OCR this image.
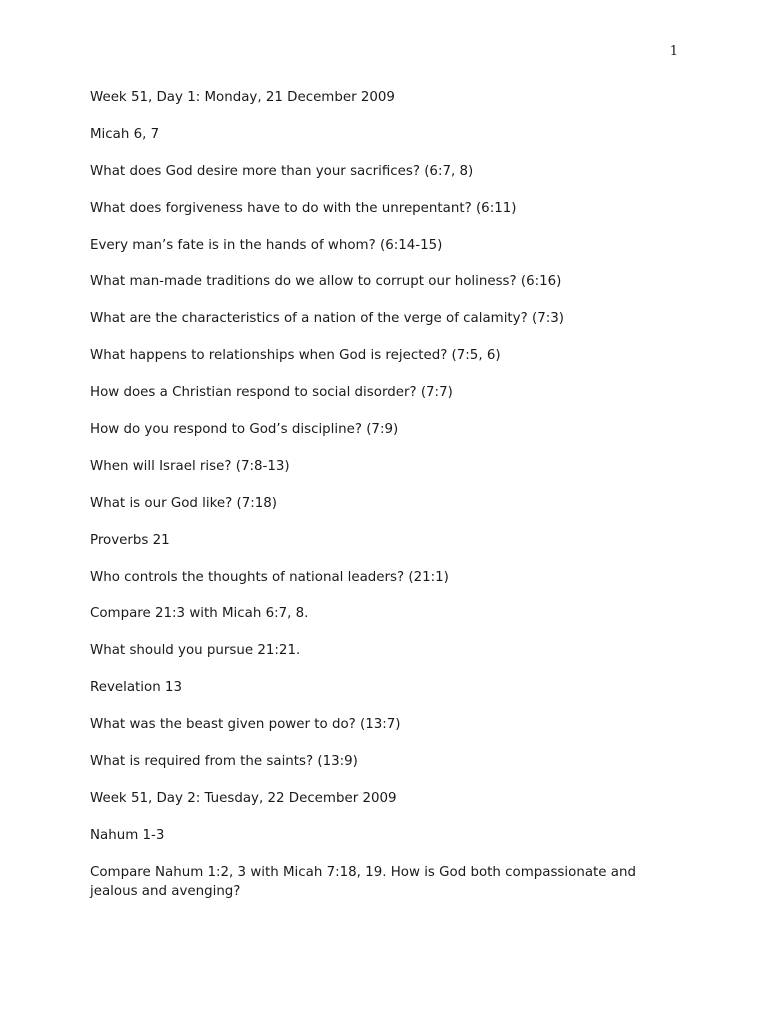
1

Week 51, Day 1: Monday, 21 December 2009

Micah 6, 7

What does God desire more than your sacrifices? (6:7, 8)

What does forgiveness have to do with the unrepentant? (6:11)

Every man’s fate is in the hands of whom? (6:14-15)

What man-made traditions do we allow to corrupt our holiness? (6:16)

What are the characteristics of a nation of the verge of calamity? (7:3)

What happens to relationships when God is rejected? (7:5, 6)

How does a Christian respond to social disorder? (7:7)

How do you respond to God’s discipline? (7:9)

When will Israel rise? (7:8-13)

What is our God like? (7:18)

Proverbs 21

Who controls the thoughts of national leaders? (21:1)

Compare 21:3 with Micah 6:7, 8.

What should you pursue 21:21.

Revelation 13

What was the beast given power to do? (13:7)

What is required from the saints? (13:9)

Week 51, Day 2: Tuesday, 22 December 2009

Nahum 1-3

Compare Nahum 1:2, 3 with Micah 7:18, 19. How is God both compassionate and jealous and avenging?
